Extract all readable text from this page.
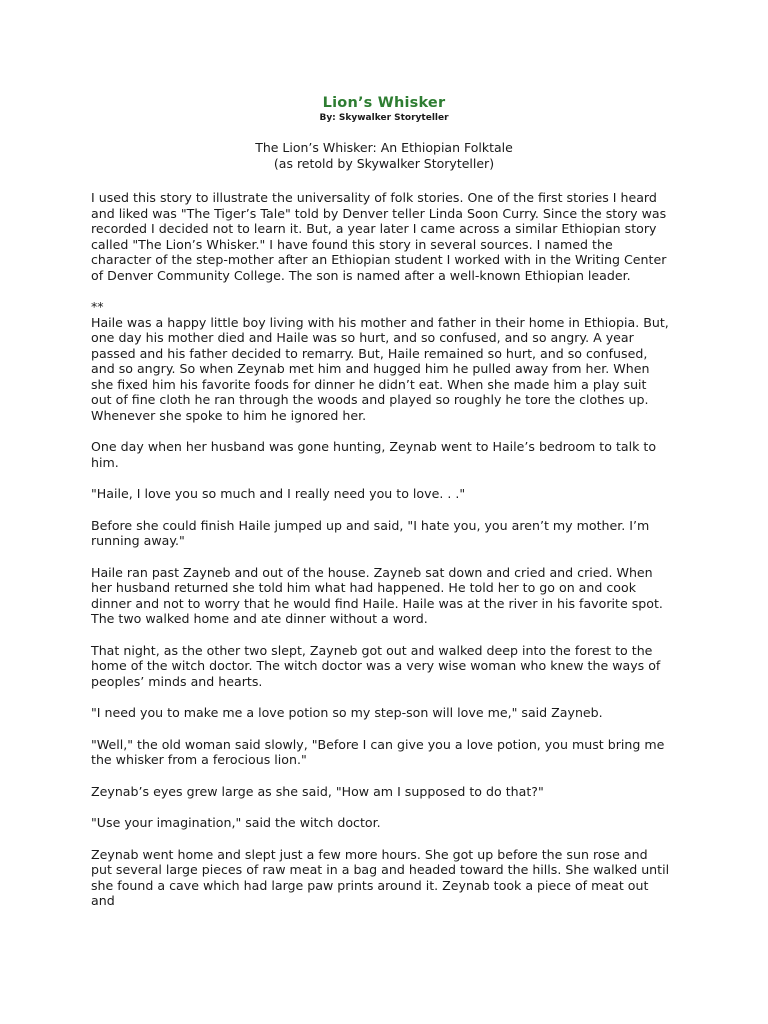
Lion’s Whisker
By: Skywalker Storyteller
The Lion’s Whisker: An Ethiopian Folktale
(as retold by Skywalker Storyteller)

I used this story to illustrate the universality of folk stories. One of the first stories I heard and liked was "The Tiger’s Tale" told by Denver teller Linda Soon Curry. Since the story was recorded I decided not to learn it. But, a year later I came across a similar Ethiopian story called "The Lion’s Whisker." I have found this story in several sources. I named the character of the step-mother after an Ethiopian student I worked with in the Writing Center of Denver Community College. The son is named after a well-known Ethiopian leader.

**

Haile was a happy little boy living with his mother and father in their home in Ethiopia. But, one day his mother died and Haile was so hurt, and so confused, and so angry. A year passed and his father decided to remarry. But, Haile remained so hurt, and so confused, and so angry. So when Zeynab met him and hugged him he pulled away from her. When she fixed him his favorite foods for dinner he didn’t eat. When she made him a play suit out of fine cloth he ran through the woods and played so roughly he tore the clothes up. Whenever she spoke to him he ignored her.

One day when her husband was gone hunting, Zeynab went to Haile’s bedroom to talk to him.

"Haile, I love you so much and I really need you to love. . ."

Before she could finish Haile jumped up and said, "I hate you, you aren’t my mother. I’m running away."

Haile ran past Zayneb and out of the house. Zayneb sat down and cried and cried. When her husband returned she told him what had happened. He told her to go on and cook dinner and not to worry that he would find Haile. Haile was at the river in his favorite spot. The two walked home and ate dinner without a word.

That night, as the other two slept, Zayneb got out and walked deep into the forest to the home of the witch doctor. The witch doctor was a very wise woman who knew the ways of peoples’ minds and hearts.

"I need you to make me a love potion so my step-son will love me," said Zayneb.

"Well," the old woman said slowly, "Before I can give you a love potion, you must bring me the whisker from a ferocious lion."

Zeynab’s eyes grew large as she said, "How am I supposed to do that?"

"Use your imagination," said the witch doctor.

Zeynab went home and slept just a few more hours. She got up before the sun rose and put several large pieces of raw meat in a bag and headed toward the hills. She walked until she found a cave which had large paw prints around it. Zeynab took a piece of meat out and
